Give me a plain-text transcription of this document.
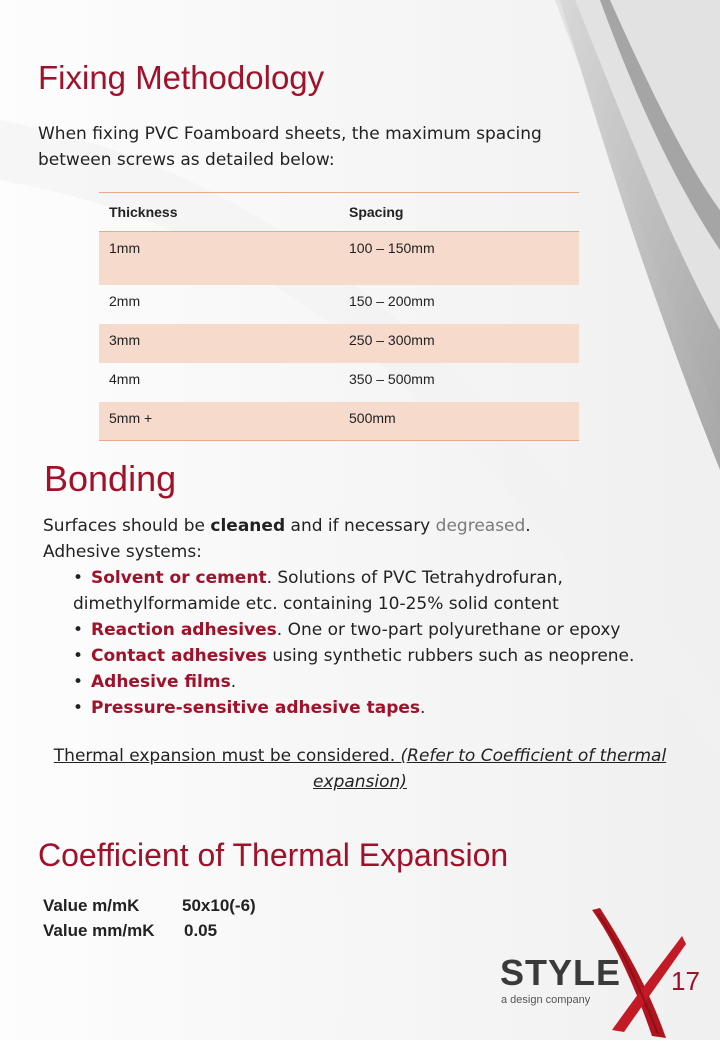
Fixing Methodology
When fixing PVC Foamboard sheets, the maximum spacing
between screws as detailed below:
Thickness	Spacing
1mm	100 – 150mm
2mm	150 – 200mm
3mm	250 – 300mm
4mm	350 – 500mm
5mm +	500mm
Bonding
Surfaces should be cleaned and if necessary degreased.
Adhesive systems:
• Solvent or cement. Solutions of PVC Tetrahydrofuran,
dimethylformamide etc. containing 10-25% solid content
• Reaction adhesives. One or two-part polyurethane or epoxy
• Contact adhesives using synthetic rubbers such as neoprene.
• Adhesive films.
• Pressure-sensitive adhesive tapes.
Thermal expansion must be considered. (Refer to Coefficient of thermal
expansion)
Coefficient of Thermal Expansion
Value m/mK	50x10(-6)
Value mm/mK 0.05
STYLE
a design company
17
